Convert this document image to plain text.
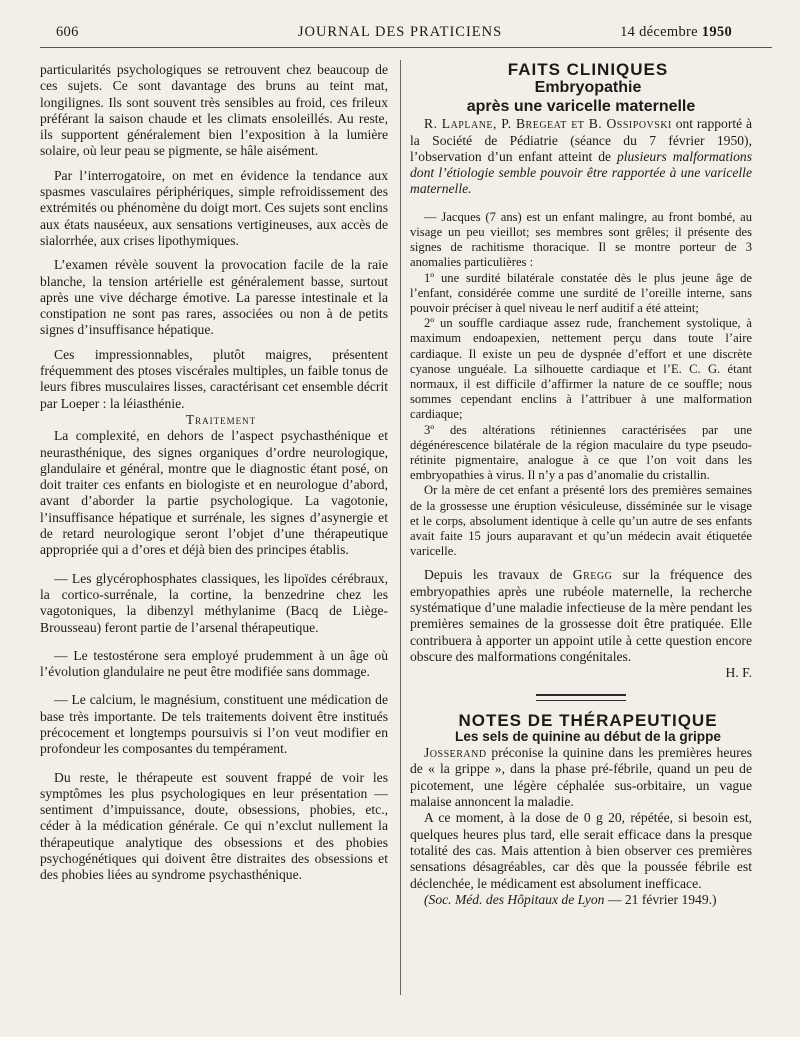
606	JOURNAL DES PRATICIENS	14 décembre 1950

particularités psychologiques se retrouvent chez beaucoup de ces sujets. Ce sont davantage des bruns au teint mat, longilignes. Ils sont souvent très sensibles au froid, ces frileux préférant la saison chaude et les climats ensoleillés. Au reste, ils supportent généralement bien l’exposition à la lumière solaire, où leur peau se pigmente, se hâle aisément.

Par l’interrogatoire, on met en évidence la tendance aux spasmes vasculaires périphériques, simple refroidissement des extrémités ou phénomène du doigt mort. Ces sujets sont enclins aux états nauséeux, aux sensations vertigineuses, aux accès de sialorrhée, aux crises lipothymiques.

L’examen révèle souvent la provocation facile de la raie blanche, la tension artérielle est généralement basse, surtout après une vive décharge émotive. La paresse intestinale et la constipation ne sont pas rares, associées ou non à de petits signes d’insuffisance hépatique.

Ces impressionnables, plutôt maigres, présentent fréquemment des ptoses viscérales multiples, un faible tonus de leurs fibres musculaires lisses, caractérisant cet ensemble décrit par Loeper : la léiasthénie.

Traitement

La complexité, en dehors de l’aspect psychasthénique et neurasthénique, des signes organiques d’ordre neurologique, glandulaire et général, montre que le diagnostic étant posé, on doit traiter ces enfants en biologiste et en neurologue d’abord, avant d’aborder la partie psychologique. La vagotonie, l’insuffisance hépatique et surrénale, les signes d’asynergie et de retard neurologique seront l’objet d’une thérapeutique appropriée qui a d’ores et déjà bien des principes établis.

— Les glycérophosphates classiques, les lipoïdes cérébraux, la cortico-surrénale, la cortine, la benzedrine chez les vagotoniques, la dibenzyl méthylanime (Bacq de Liège-Brousseau) feront partie de l’arsenal thérapeutique.

— Le testostérone sera employé prudemment à un âge où l’évolution glandulaire ne peut être modifiée sans dommage.

— Le calcium, le magnésium, constituent une médication de base très importante. De tels traitements doivent être institués précocement et longtemps poursuivis si l’on veut modifier en profondeur les composantes du tempérament.

Du reste, le thérapeute est souvent frappé de voir les symptômes les plus psychologiques en leur présentation — sentiment d’impuissance, doute, obsessions, phobies, etc., céder à la médication générale. Ce qui n’exclut nullement la thérapeutique analytique des obsessions et des phobies psychogénétiques qui doivent être distraites des obsessions et des phobies liées au syndrome psychasthénique.

FAITS CLINIQUES

Embryopathie
après une varicelle maternelle

R. Laplane, P. Bregeat et B. Ossipovski ont rapporté à la Société de Pédiatrie (séance du 7 février 1950), l’observation d’un enfant atteint de plusieurs malformations dont l’étiologie semble pouvoir être rapportée à une varicelle maternelle.

— Jacques (7 ans) est un enfant malingre, au front bombé, au visage un peu vieillot; ses membres sont grêles; il présente des signes de rachitisme thoracique. Il se montre porteur de 3 anomalies particulières :

1º une surdité bilatérale constatée dès le plus jeune âge de l’enfant, considérée comme une surdité de l’oreille interne, sans pouvoir préciser à quel niveau le nerf auditif a été atteint;

2º un souffle cardiaque assez rude, franchement systolique, à maximum endoapexien, nettement perçu dans toute l’aire cardiaque. Il existe un peu de dyspnée d’effort et une discrète cyanose unguéale. La silhouette cardiaque et l’E. C. G. étant normaux, il est difficile d’affirmer la nature de ce souffle; nous sommes cependant enclins à l’attribuer à une malformation cardiaque;

3º des altérations rétiniennes caractérisées par une dégénérescence bilatérale de la région maculaire du type pseudo-rétinite pigmentaire, analogue à ce que l’on voit dans les embryopathies à virus. Il n’y a pas d’anomalie du cristallin.

Or la mère de cet enfant a présenté lors des premières semaines de la grossesse une éruption vésiculeuse, disséminée sur le visage et le corps, absolument identique à celle qu’un autre de ses enfants avait faite 15 jours auparavant et qu’un médecin avait étiquetée varicelle.

Depuis les travaux de Gregg sur la fréquence des embryopathies après une rubéole maternelle, la recherche systématique d’une maladie infectieuse de la mère pendant les premières semaines de la grossesse doit être pratiquée. Elle contribuera à apporter un appoint utile à cette question encore obscure des malformations congénitales.

H. F.

NOTES DE THÉRAPEUTIQUE

Les sels de quinine au début de la grippe

Josserand préconise la quinine dans les premières heures de « la grippe », dans la phase pré-fébrile, quand un peu de picotement, une légère céphalée sus-orbitaire, un vague malaise annoncent la maladie.

A ce moment, à la dose de 0 g 20, répétée, si besoin est, quelques heures plus tard, elle serait efficace dans la presque totalité des cas. Mais attention à bien observer ces premières sensations désagréables, car dès que la poussée fébrile est déclenchée, le médicament est absolument inefficace.

(Soc. Méd. des Hôpitaux de Lyon — 21 février 1949.)
